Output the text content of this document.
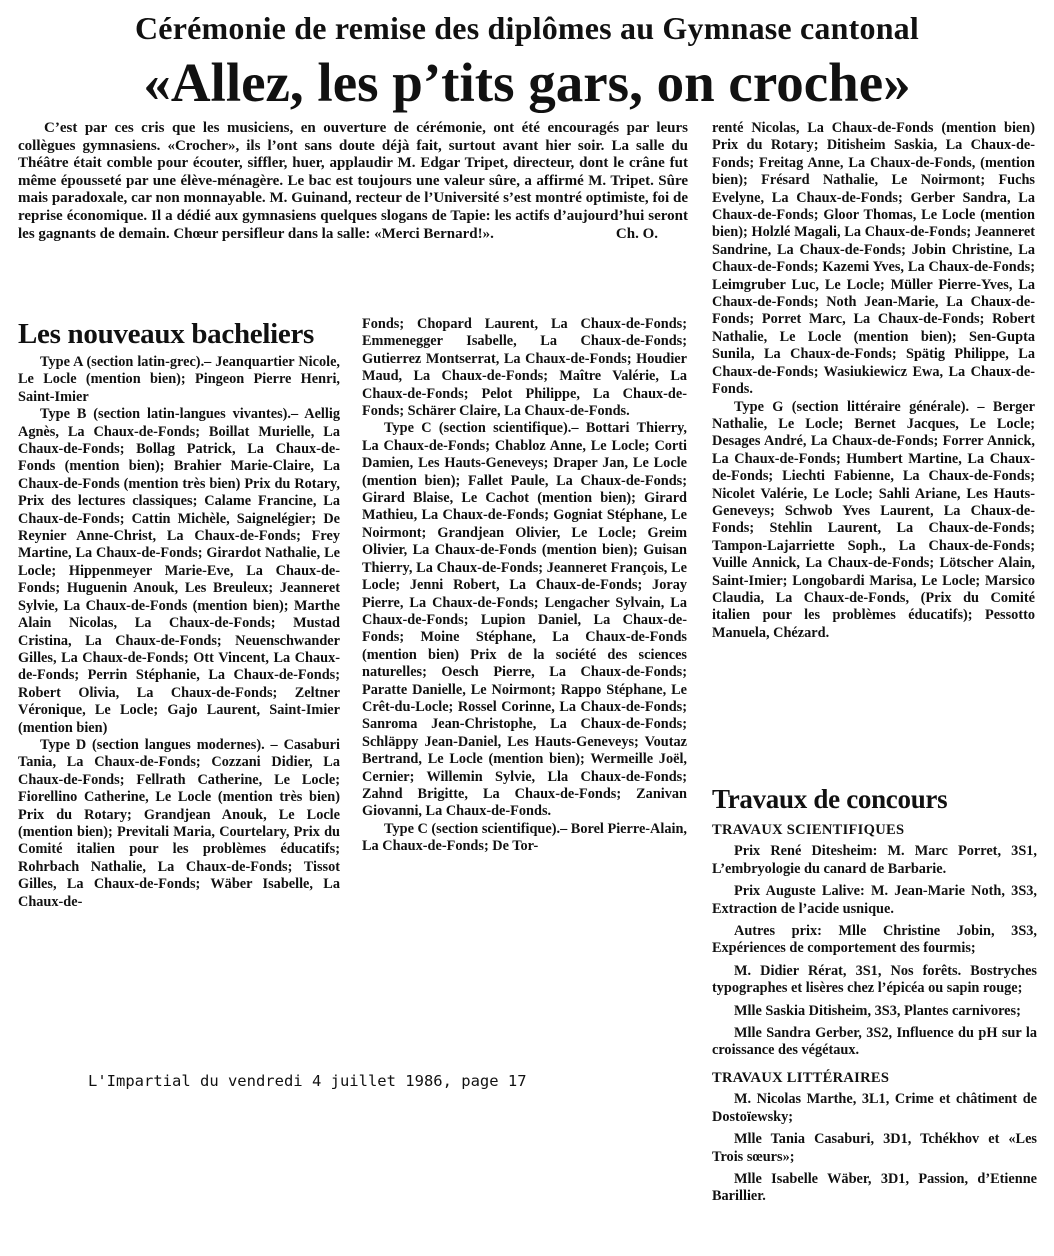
Cérémonie de remise des diplômes au Gymnase cantonal
«Allez, les p’tits gars, on croche»

C’est par ces cris que les musiciens, en ouverture de cérémonie, ont été encouragés par leurs collègues gymnasiens. «Crocher», ils l’ont sans doute déjà fait, surtout avant hier soir. La salle du Théâtre était comble pour écouter, siffler, huer, applaudir M. Edgar Tripet, directeur, dont le crâne fut même épousseté par une élève-ménagère. Le bac est toujours une valeur sûre, a affirmé M. Tripet. Sûre mais paradoxale, car non monnayable. M. Guinand, recteur de l’Université s’est montré optimiste, foi de reprise économique. Il a dédié aux gymnasiens quelques slogans de Tapie: les actifs d’aujourd’hui seront les gagnants de demain. Chœur persifleur dans la salle: «Merci Bernard!».	Ch. O.
Les nouveaux bacheliers

Type A (section latin-grec).– Jeanquartier Nicole, Le Locle (mention bien); Pingeon Pierre Henri, Saint-Imier

Type B (section latin-langues vivantes).– Aellig Agnès, La Chaux-de-Fonds; Boillat Murielle, La Chaux-de-Fonds; Bollag Patrick, La Chaux-de-Fonds (mention bien); Brahier Marie-Claire, La Chaux-de-Fonds (mention très bien) Prix du Rotary, Prix des lectures classiques; Calame Francine, La Chaux-de-Fonds; Cattin Michèle, Saignelégier; De Reynier Anne-Christ, La Chaux-de-Fonds; Frey Martine, La Chaux-de-Fonds; Girardot Nathalie, Le Locle; Hippenmeyer Marie-Eve, La Chaux-de-Fonds; Huguenin Anouk, Les Breuleux; Jeanneret Sylvie, La Chaux-de-Fonds (mention bien); Marthe Alain Nicolas, La Chaux-de-Fonds; Mustad Cristina, La Chaux-de-Fonds; Neuenschwander Gilles, La Chaux-de-Fonds; Ott Vincent, La Chaux-de-Fonds; Perrin Stéphanie, La Chaux-de-Fonds; Robert Olivia, La Chaux-de-Fonds; Zeltner Véronique, Le Locle; Gajo Laurent, Saint-Imier (mention bien)

Type D (section langues modernes). – Casaburi Tania, La Chaux-de-Fonds; Cozzani Didier, La Chaux-de-Fonds; Fellrath Catherine, Le Locle; Fiorellino Catherine, Le Locle (mention très bien) Prix du Rotary; Grandjean Anouk, Le Locle (mention bien); Previtali Maria, Courtelary, Prix du Comité italien pour les problèmes éducatifs; Rohrbach Nathalie, La Chaux-de-Fonds; Tissot Gilles, La Chaux-de-Fonds; Wäber Isabelle, La Chaux-de-

Fonds; Chopard Laurent, La Chaux-de-Fonds; Emmenegger Isabelle, La Chaux-de-Fonds; Gutierrez Montserrat, La Chaux-de-Fonds; Houdier Maud, La Chaux-de-Fonds; Maître Valérie, La Chaux-de-Fonds; Pelot Philippe, La Chaux-de-Fonds; Schärer Claire, La Chaux-de-Fonds.

Type C (section scientifique).– Bottari Thierry, La Chaux-de-Fonds; Chabloz Anne, Le Locle; Corti Damien, Les Hauts-Geneveys; Draper Jan, Le Locle (mention bien); Fallet Paule, La Chaux-de-Fonds; Girard Blaise, Le Cachot (mention bien); Girard Mathieu, La Chaux-de-Fonds; Gogniat Stéphane, Le Noirmont; Grandjean Olivier, Le Locle; Greim Olivier, La Chaux-de-Fonds (mention bien); Guisan Thierry, La Chaux-de-Fonds; Jeanneret François, Le Locle; Jenni Robert, La Chaux-de-Fonds; Joray Pierre, La Chaux-de-Fonds; Lengacher Sylvain, La Chaux-de-Fonds; Lupion Daniel, La Chaux-de-Fonds; Moine Stéphane, La Chaux-de-Fonds (mention bien) Prix de la société des sciences naturelles; Oesch Pierre, La Chaux-de-Fonds; Paratte Danielle, Le Noirmont; Rappo Stéphane, Le Crêt-du-Locle; Rossel Corinne, La Chaux-de-Fonds; Sanroma Jean-Christophe, La Chaux-de-Fonds; Schläppy Jean-Daniel, Les Hauts-Geneveys; Voutaz Bertrand, Le Locle (mention bien); Wermeille Joël, Cernier; Willemin Sylvie, Lla Chaux-de-Fonds; Zahnd Brigitte, La Chaux-de-Fonds; Zanivan Giovanni, La Chaux-de-Fonds.

Type C (section scientifique).– Borel Pierre-Alain, La Chaux-de-Fonds; De Tor-

renté Nicolas, La Chaux-de-Fonds (mention bien) Prix du Rotary; Ditisheim Saskia, La Chaux-de-Fonds; Freitag Anne, La Chaux-de-Fonds, (mention bien); Frésard Nathalie, Le Noirmont; Fuchs Evelyne, La Chaux-de-Fonds; Gerber Sandra, La Chaux-de-Fonds; Gloor Thomas, Le Locle (mention bien); Holzlé Magali, La Chaux-de-Fonds; Jeanneret Sandrine, La Chaux-de-Fonds; Jobin Christine, La Chaux-de-Fonds; Kazemi Yves, La Chaux-de-Fonds; Leimgruber Luc, Le Locle; Müller Pierre-Yves, La Chaux-de-Fonds; Noth Jean-Marie, La Chaux-de-Fonds; Porret Marc, La Chaux-de-Fonds; Robert Nathalie, Le Locle (mention bien); Sen-Gupta Sunila, La Chaux-de-Fonds; Spätig Philippe, La Chaux-de-Fonds; Wasiukiewicz Ewa, La Chaux-de-Fonds.

Type G (section littéraire générale). – Berger Nathalie, Le Locle; Bernet Jacques, Le Locle; Desages André, La Chaux-de-Fonds; Forrer Annick, La Chaux-de-Fonds; Humbert Martine, La Chaux-de-Fonds; Liechti Fabienne, La Chaux-de-Fonds; Nicolet Valérie, Le Locle; Sahli Ariane, Les Hauts-Geneveys; Schwob Yves Laurent, La Chaux-de-Fonds; Stehlin Laurent, La Chaux-de-Fonds; Tampon-Lajarriette Soph., La Chaux-de-Fonds; Vuille Annick, La Chaux-de-Fonds; Lötscher Alain, Saint-Imier; Longobardi Marisa, Le Locle; Marsico Claudia, La Chaux-de-Fonds, (Prix du Comité italien pour les problèmes éducatifs); Pessotto Manuela, Chézard.

Travaux de concours

TRAVAUX SCIENTIFIQUES

Prix René Ditesheim: M. Marc Porret, 3S1, L’embryologie du canard de Barbarie.

Prix Auguste Lalive: M. Jean-Marie Noth, 3S3, Extraction de l’acide usnique.

Autres prix: Mlle Christine Jobin, 3S3, Expériences de comportement des fourmis;

M. Didier Rérat, 3S1, Nos forêts. Bostryches typographes et lisères chez l’épicéa ou sapin rouge;

Mlle Saskia Ditisheim, 3S3, Plantes carnivores;

Mlle Sandra Gerber, 3S2, Influence du pH sur la croissance des végétaux.

TRAVAUX LITTÉRAIRES

M. Nicolas Marthe, 3L1, Crime et châtiment de Dostoïewsky;

Mlle Tania Casaburi, 3D1, Tchékhov et «Les Trois sœurs»;

Mlle Isabelle Wäber, 3D1, Passion, d’Etienne Barillier.

L'Impartial du vendredi 4 juillet 1986, page 17
